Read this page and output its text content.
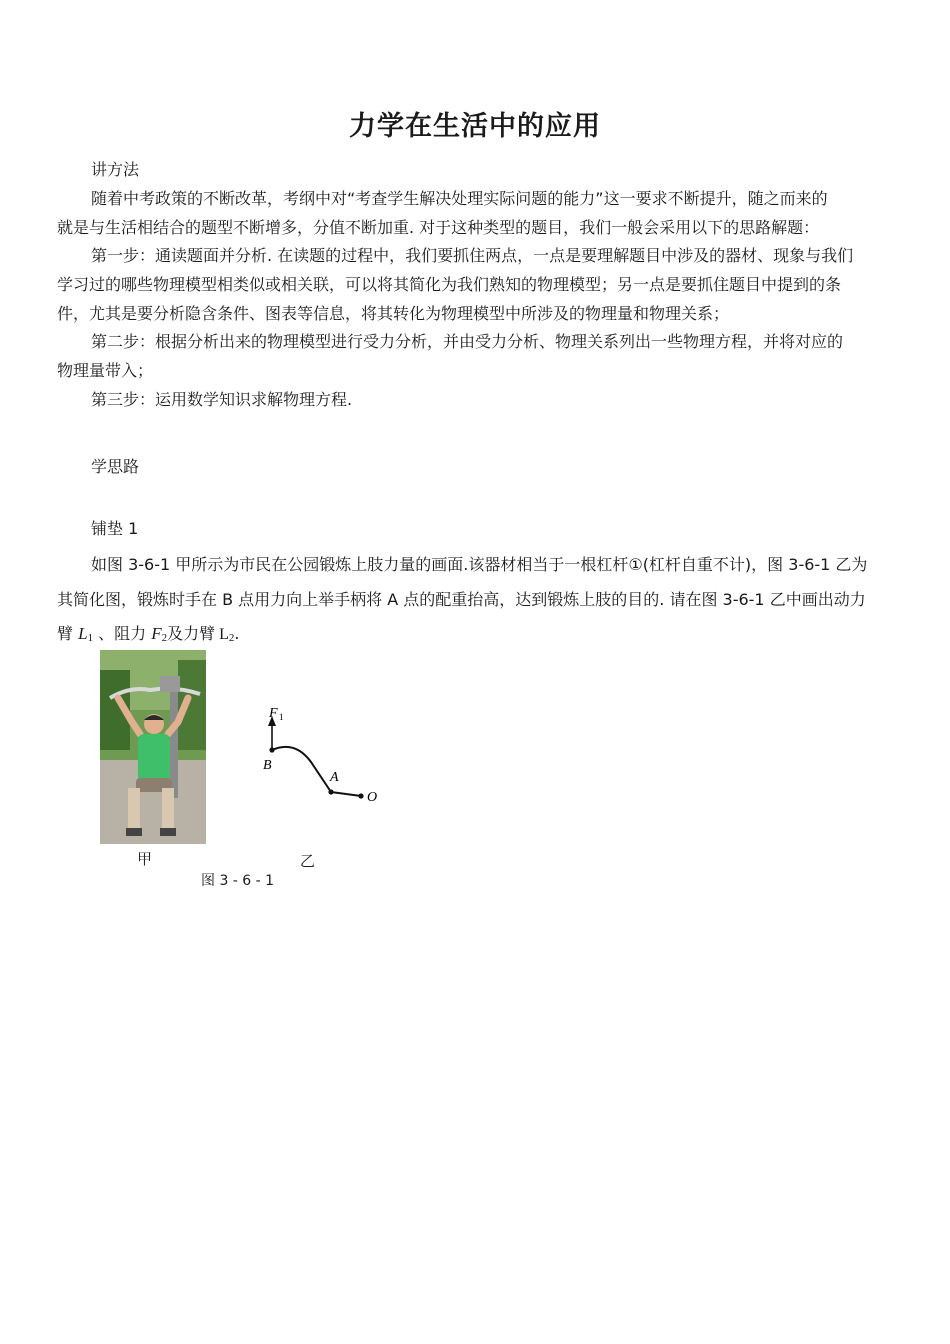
力学在生活中的应用
讲方法
随着中考政策的不断改革，考纲中对“考查学生解决处理实际问题的能力”这一要求不断提升，随之而来的
就是与生活相结合的题型不断增多，分值不断加重. 对于这种类型的题目，我们一般会采用以下的思路解题：
第一步：通读题面并分析. 在读题的过程中，我们要抓住两点，一点是要理解题目中涉及的器材、现象与我们
学习过的哪些物理模型相类似或相关联，可以将其简化为我们熟知的物理模型；另一点是要抓住题目中提到的条
件，尤其是要分析隐含条件、图表等信息，将其转化为物理模型中所涉及的物理量和物理关系；
第二步：根据分析出来的物理模型进行受力分析，并由受力分析、物理关系列出一些物理方程，并将对应的
物理量带入；
第三步：运用数学知识求解物理方程.
学思路
铺垫 1
如图 3-6-1 甲所示为市民在公园锻炼上肢力量的画面.该器材相当于一根杠杆①(杠杆自重不计)，图 3-6-1 乙为
其简化图，锻炼时手在 B 点用力向上举手柄将 A 点的配重抬高，达到锻炼上肢的目的. 请在图 3-6-1 乙中画出动力
臂 $L_1$ 、阻力 $F_2$及力臂 $L_2$.
F 1
B
A
O
甲	乙
图 3 - 6 - 1
